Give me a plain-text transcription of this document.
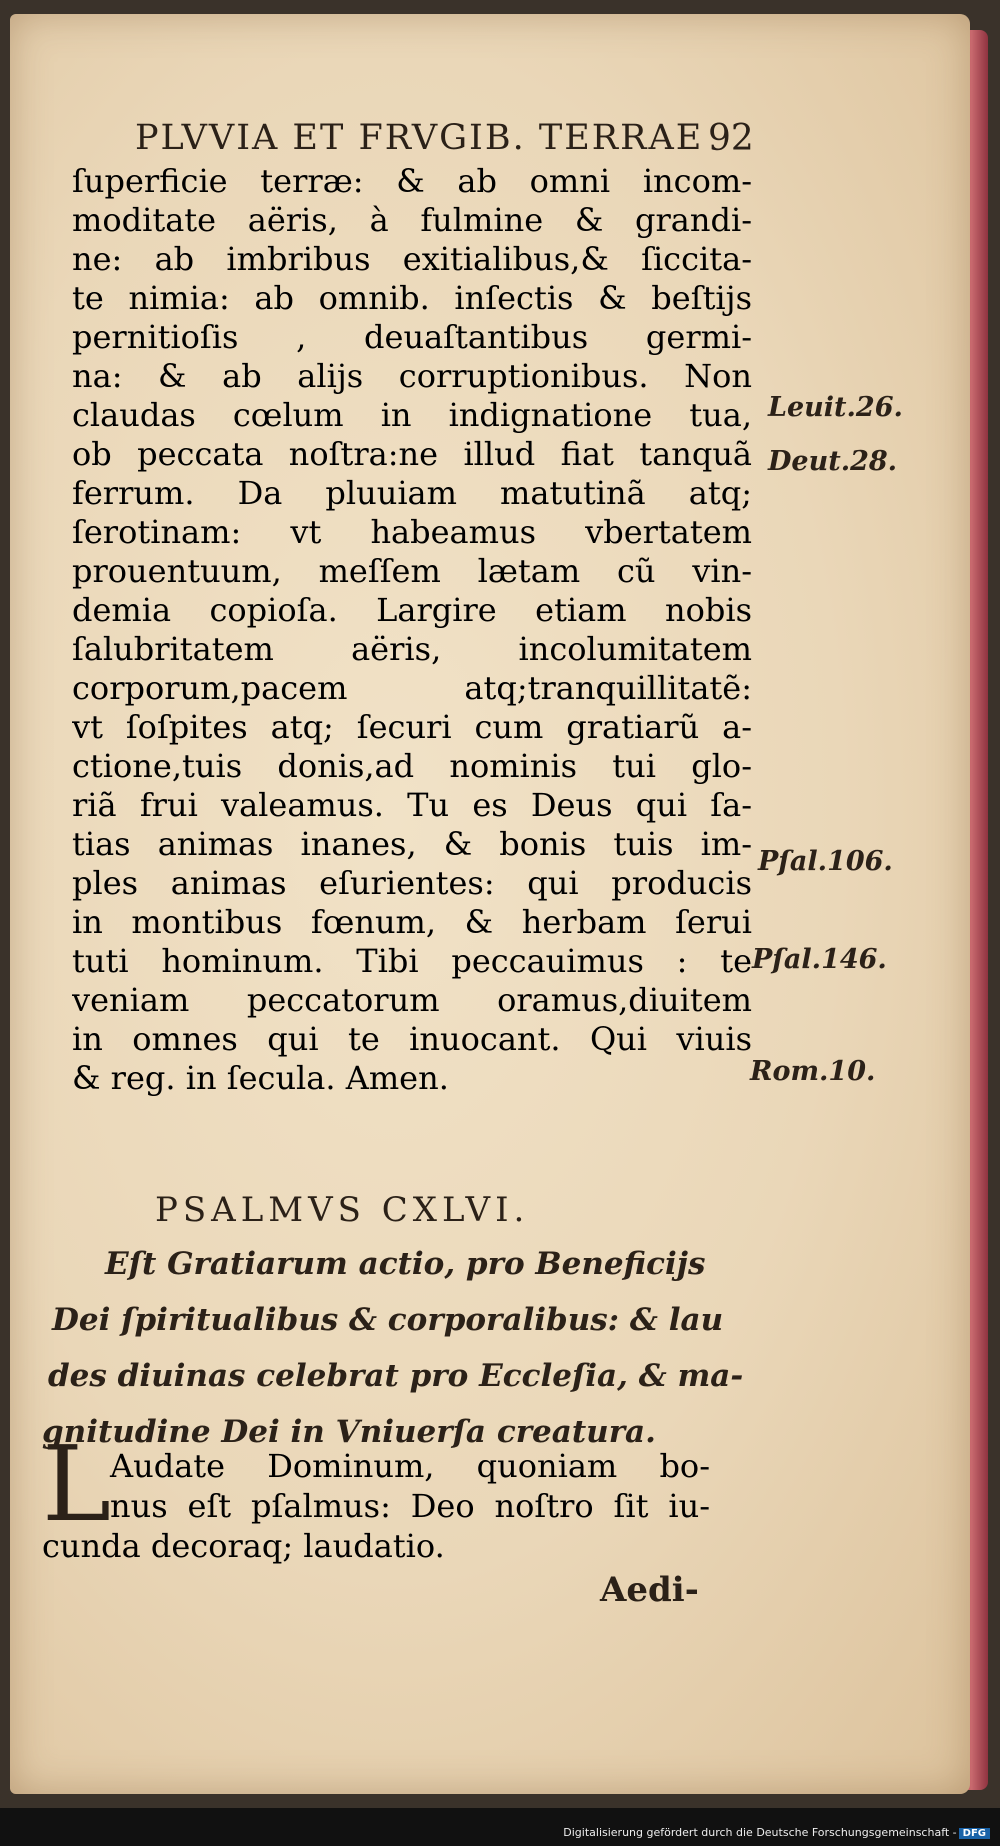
PLVVIA ET FRVGIB. TERRAE 92
ſuperficie terræ: & ab omni incom-
moditate aëris, à fulmine & grandi-
ne: ab imbribus exitialibus,& ſiccita-
te nimia: ab omnib. inſectis & beſtijs
pernitioſis , deuaſtantibus germi-
na: & ab alijs corruptionibus. Non
claudas cœlum in indignatione tua,
ob peccata noſtra:ne illud fiat tanquã
ferrum. Da pluuiam matutinã atq;
ſerotinam: vt habeamus vbertatem
prouentuum, meſſem lætam cũ vin-
demia copioſa. Largire etiam nobis
ſalubritatem aëris, incolumitatem
corporum,pacem atq;tranquillitatẽ:
vt ſoſpites atq; ſecuri cum gratiarũ a-
ctione,tuis donis,ad nominis tui glo-
riã frui valeamus. Tu es Deus qui ſa-
tias animas inanes, & bonis tuis im-
ples animas eſurientes: qui producis
in montibus fœnum, & herbam ſerui
tuti hominum. Tibi peccauimus : te
veniam peccatorum oramus,diuitem
in omnes qui te inuocant. Qui viuis
& reg. in ſecula. Amen.
Leuit.26.
Deut.28.
Pſal.106.
Pſal.146.
Rom.10.
PSALMVS CXLVI.
Eſt Gratiarum actio, pro Beneficijs
Dei ſpiritualibus & corporalibus: & lau
des diuinas celebrat pro Eccleſia, & ma-
gnitudine Dei in Vniuerſa creatura.
L
Audate Dominum, quoniam bo-
nus eſt pſalmus: Deo noſtro ſit iu-
cunda decoraq; laudatio.
Aedi-
Digitalisierung gefördert durch die Deutsche Forschungsgemeinschaft - DFG
